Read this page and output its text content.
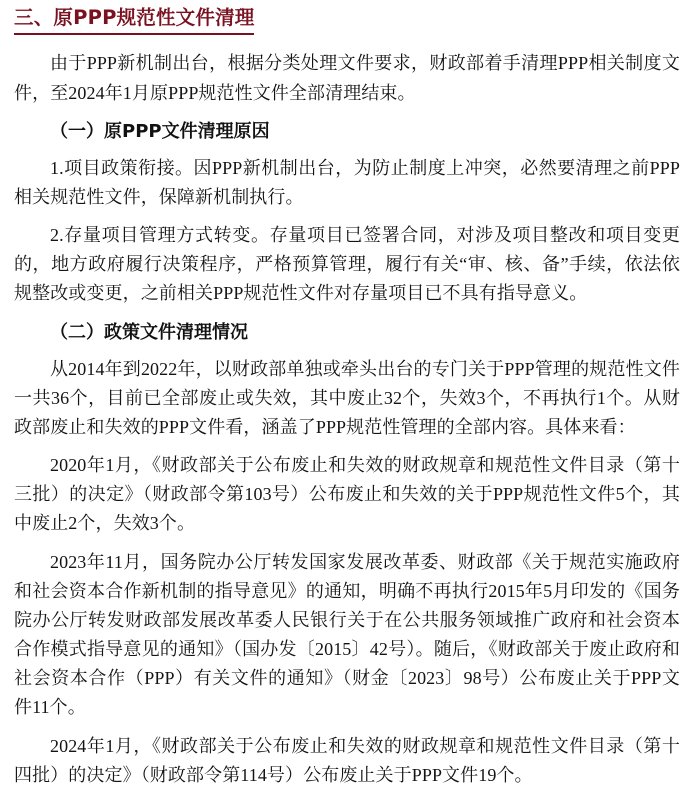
三、原PPP规范性文件清理

由于PPP新机制出台，根据分类处理文件要求，财政部着手清理PPP相关制度文件，至2024年1月原PPP规范性文件全部清理结束。

（一）原PPP文件清理原因

1.项目政策衔接。因PPP新机制出台，为防止制度上冲突，必然要清理之前PPP相关规范性文件，保障新机制执行。

2.存量项目管理方式转变。存量项目已签署合同，对涉及项目整改和项目变更的，地方政府履行决策程序，严格预算管理，履行有关“审、核、备”手续，依法依规整改或变更，之前相关PPP规范性文件对存量项目已不具有指导意义。

（二）政策文件清理情况

从2014年到2022年，以财政部单独或牵头出台的专门关于PPP管理的规范性文件一共36个，目前已全部废止或失效，其中废止32个，失效3个，不再执行1个。从财政部废止和失效的PPP文件看，涵盖了PPP规范性管理的全部内容。具体来看：

2020年1月，《财政部关于公布废止和失效的财政规章和规范性文件目录（第十三批）的决定》（财政部令第103号）公布废止和失效的关于PPP规范性文件5个，其中废止2个，失效3个。

2023年11月，国务院办公厅转发国家发展改革委、财政部《关于规范实施政府和社会资本合作新机制的指导意见》的通知，明确不再执行2015年5月印发的《国务院办公厅转发财政部发展改革委人民银行关于在公共服务领域推广政府和社会资本合作模式指导意见的通知》（国办发〔2015〕42号）。随后，《财政部关于废止政府和社会资本合作（PPP）有关文件的通知》（财金〔2023〕98号）公布废止关于PPP文件11个。

2024年1月，《财政部关于公布废止和失效的财政规章和规范性文件目录（第十四批）的决定》（财政部令第114号）公布废止关于PPP文件19个。
